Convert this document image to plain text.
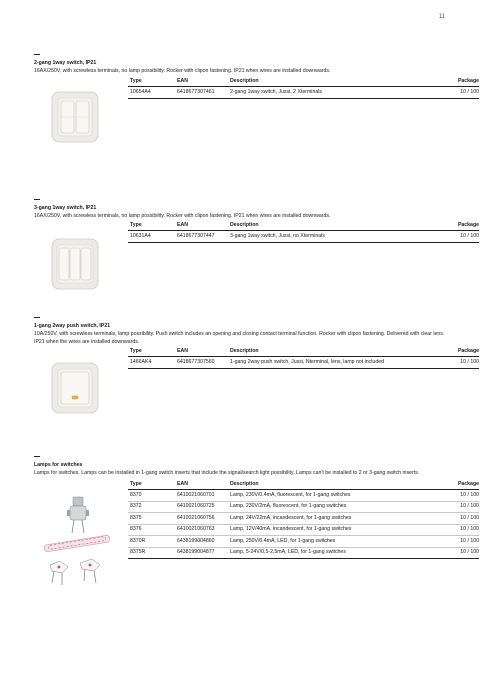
11
2-gang 1way switch, IP21
16AX/250V, with screwless terminals, no lamp possibility. Rocker with clipon fastening. IP21 when wires are installed downwards.
Type	EAN	Description	Package
10654A4	6418677307461	2-gang 1way switch, Jussi, 2 Xterminals	10 / 100
3-gang 1way switch, IP21
16AX/250V, with screwless terminals, no lamp possibility. Rocker with clipon fastening. IP21 when wires are installed downwards.
Type	EAN	Description	Package
10631A4	6418677307447	3-gang 1way switch, Jussi, no Xterminals	10 / 100
1-gang 2way push switch, IP21
10A/250V, with screwless terminals, lamp possibility. Push switch includes an opening and closing contact terminal function. Rocker with clipon fastening. Delivered with clear lens. IP21 when the wires are installed downwards.
Type	EAN	Description	Package
1466AK4	6418677307560	1-gang 2way push switch, Jussi, Nterminal, lens, lamp not included	10 / 100
Lamps for switches
Lamps for switches. Lamps can be installed in 1-gang switch inserts that include the signal/search light possibility. Lamps can't be installed to 2 or 3-gang switch inserts.
Type	EAN	Description	Package
8370	6410021060701	Lamp, 230V/0.4mA, fluorescent, for 1-gang switches	10 / 100
8372	6410021060725	Lamp, 230V/2mA, fluorescent, for 1-gang switches	10 / 100
8375	6410021060756	Lamp, 24V/22mA, incandescent, for 1-gang switches	10 / 100
8376	6410021060763	Lamp, 12V/40mA, incandescent, for 1-gang switches	10 / 100
8370R	6438199004860	Lamp, 250V/0.4mA, LED, for 1-gang switches	10 / 100
8375R	6438199004877	Lamp, 5-24V/0,5-2,5mA, LED, for 1-gang switches	10 / 100
